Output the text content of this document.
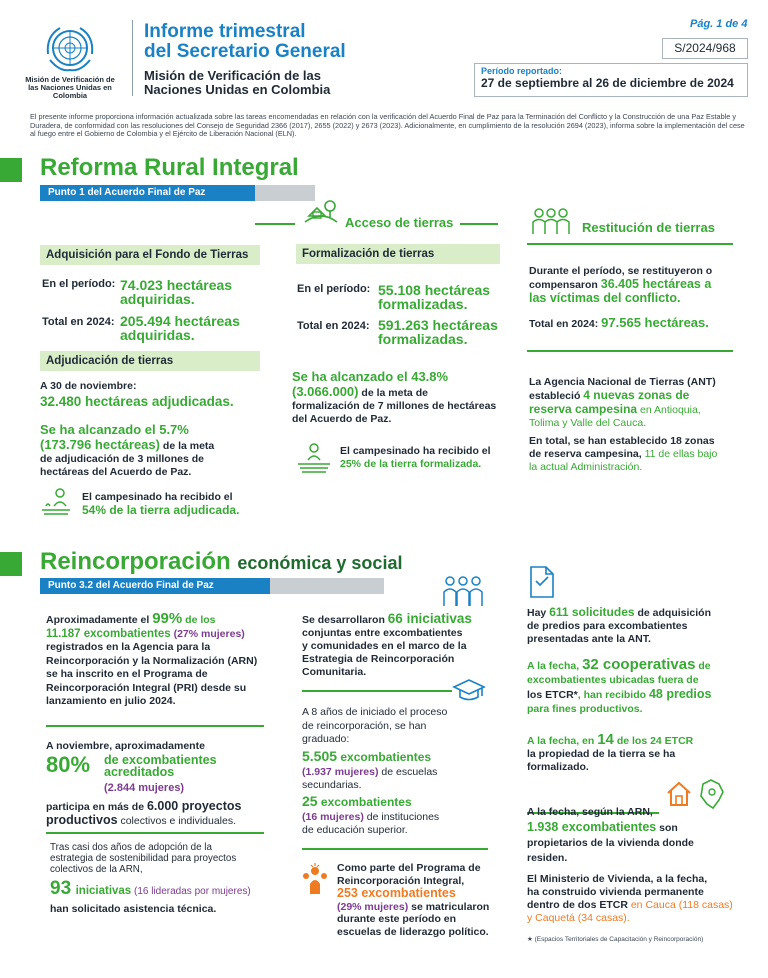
Misión de Verificación de las Naciones Unidas en Colombia
Informe trimestral
del Secretario General
Misión de Verificación de las
Naciones Unidas en Colombia
Pág. 1 de 4
S/2024/968
Período reportado:
27 de septiembre al 26 de diciembre de 2024
El presente informe proporciona información actualizada sobre las tareas encomendadas en relación con la verificación del Acuerdo Final de Paz para la Terminación del Conflicto y la Construcción de una Paz Estable y Duradera, de conformidad con las resoluciones del Consejo de Seguridad 2366 (2017), 2655 (2022) y 2673 (2023). Adicionalmente, en cumplimiento de la resolución 2694 (2023), informa sobre la implementación del cese al fuego entre el Gobierno de Colombia y el Ejército de Liberación Nacional (ELN).
Reforma Rural Integral
Punto 1 del Acuerdo Final de Paz
Acceso de tierras	Restitución de tierras
Adquisición para el Fondo de Tierras
En el período: 74.023 hectáreas
adquiridas.
Total en 2024: 205.494 hectáreas
adquiridas.
Adjudicación de tierras
A 30 de noviembre:
32.480 hectáreas adjudicadas.
Se ha alcanzado el 5.7%
(173.796 hectáreas) de la meta
de adjudicación de 3 millones de
hectáreas del Acuerdo de Paz.
El campesinado ha recibido el
54% de la tierra adjudicada.
Formalización de tierras
En el período: 55.108 hectáreas
formalizadas.
Total en 2024: 591.263 hectáreas
formalizadas.
Se ha alcanzado el 43.8%
(3.066.000) de la meta de
formalización de 7 millones de hectáreas
del Acuerdo de Paz.
El campesinado ha recibido el
25% de la tierra formalizada.
Durante el período, se restituyeron o
compensaron 36.405 hectáreas a
las víctimas del conflicto.
Total en 2024: 97.565 hectáreas.
La Agencia Nacional de Tierras (ANT)
estableció 4 nuevas zonas de
reserva campesina en Antioquia,
Tolima y Valle del Cauca.
En total, se han establecido 18 zonas
de reserva campesina, 11 de ellas bajo
la actual Administración.
Reincorporación económica y social
Punto 3.2 del Acuerdo Final de Paz
Aproximadamente el 99% de los
11.187 excombatientes (27% mujeres)
registrados en la Agencia para la
Reincorporación y la Normalización (ARN)
se ha inscrito en el Programa de
Reincorporación Integral (PRI) desde su
lanzamiento en julio 2024.
A noviembre, aproximadamente
80% de excombatientes
acreditados
(2.844 mujeres)
participa en más de 6.000 proyectos
productivos colectivos e individuales.
Tras casi dos años de adopción de la
estrategia de sostenibilidad para proyectos
colectivos de la ARN,
93 iniciativas (16 lideradas por mujeres)
han solicitado asistencia técnica.
Se desarrollaron 66 iniciativas
conjuntas entre excombatientes
y comunidades en el marco de la
Estrategia de Reincorporación
Comunitaria.
A 8 años de iniciado el proceso
de reincorporación, se han
graduado:
5.505 excombatientes
(1.937 mujeres) de escuelas
secundarias.
25 excombatientes
(16 mujeres) de instituciones
de educación superior.
Como parte del Programa de
Reincorporación Integral,
253 excombatientes
(29% mujeres) se matricularon
durante este período en
escuelas de liderazgo político.
Hay 611 solicitudes de adquisición
de predios para excombatientes
presentadas ante la ANT.
A la fecha, 32 cooperativas de
excombatientes ubicadas fuera de
los ETCR*, han recibido 48 predios
para fines productivos.
A la fecha, en 14 de los 24 ETCR
la propiedad de la tierra se ha
formalizado.
A la fecha, según la ARN,
1.938 excombatientes son
propietarios de la vivienda donde
residen.
El Ministerio de Vivienda, a la fecha,
ha construido vivienda permanente
dentro de dos ETCR en Cauca (118 casas)
y Caquetá (34 casas).
★ (Espacios Territoriales de Capacitación y Reincorporación)
